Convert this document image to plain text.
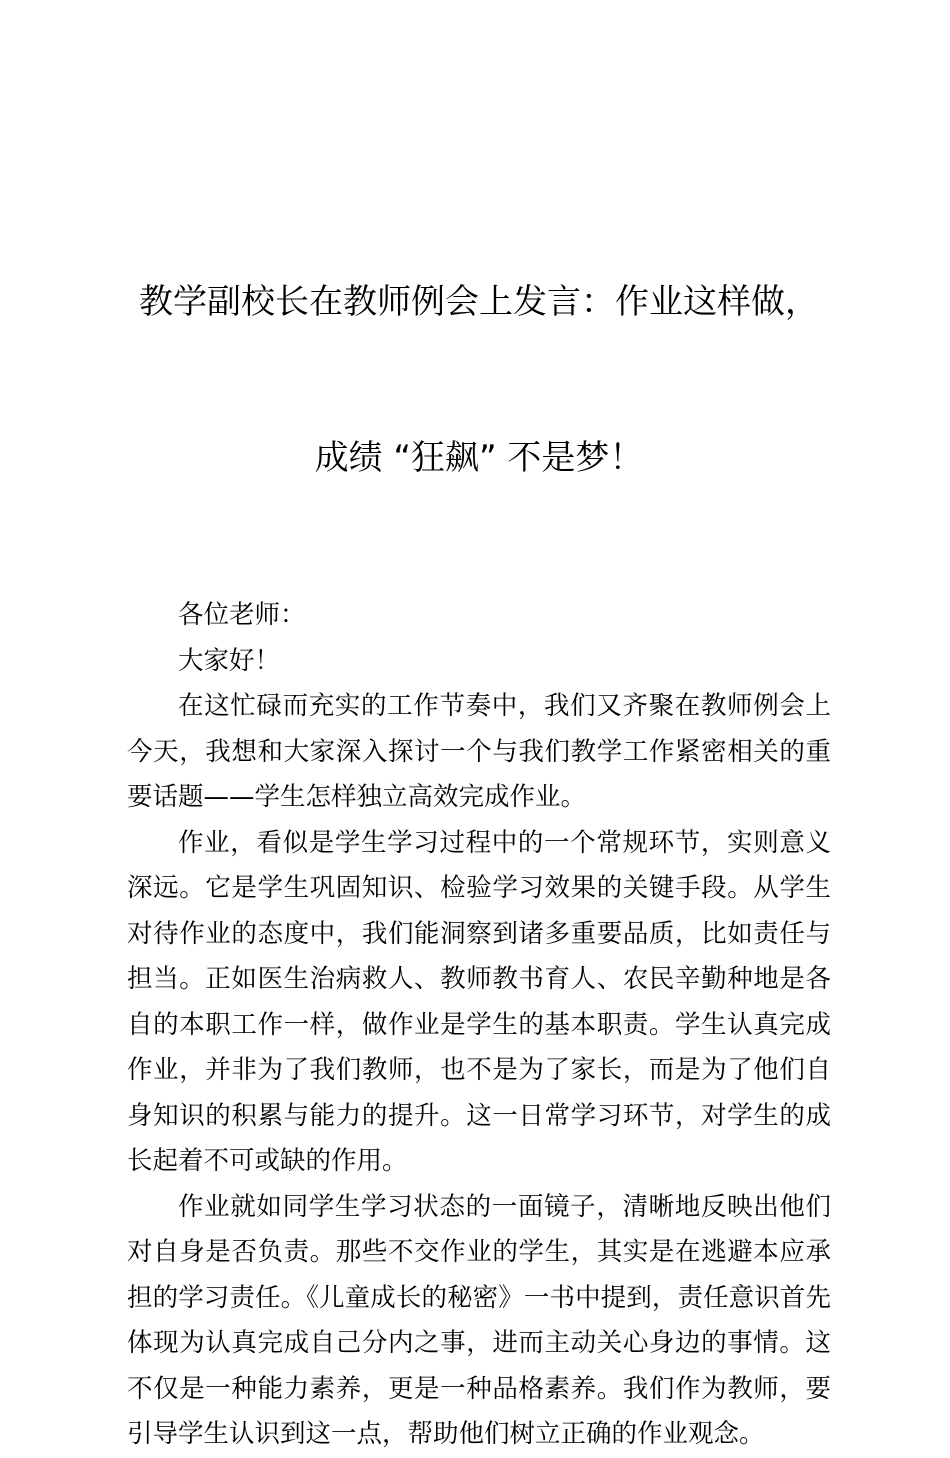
教学副校长在教师例会上发言：作业这样做，

成绩 “狂飙” 不是梦！

各位老师：

大家好！

在这忙碌而充实的工作节奏中，我们又齐聚在教师例会上今天，我想和大家深入探讨一个与我们教学工作紧密相关的重要话题——学生怎样独立高效完成作业。

作业，看似是学生学习过程中的一个常规环节，实则意义深远。它是学生巩固知识、检验学习效果的关键手段。从学生对待作业的态度中，我们能洞察到诸多重要品质，比如责任与担当。正如医生治病救人、教师教书育人、农民辛勤种地是各自的本职工作一样，做作业是学生的基本职责。学生认真完成作业，并非为了我们教师，也不是为了家长，而是为了他们自身知识的积累与能力的提升。这一日常学习环节，对学生的成长起着不可或缺的作用。

作业就如同学生学习状态的一面镜子，清晰地反映出他们对自身是否负责。那些不交作业的学生，其实是在逃避本应承担的学习责任。《儿童成长的秘密》一书中提到，责任意识首先体现为认真完成自己分内之事，进而主动关心身边的事情。这不仅是一种能力素养，更是一种品格素养。我们作为教师，要引导学生认识到这一点，帮助他们树立正确的作业观念。
